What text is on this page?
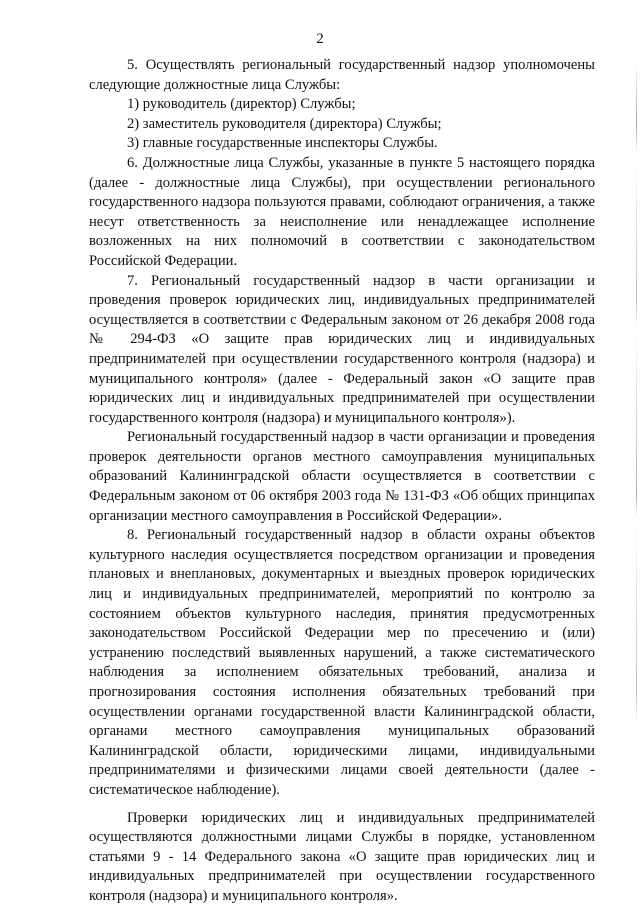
2

5. Осуществлять региональный государственный надзор уполномочены следующие должностные лица Службы:

1) руководитель (директор) Службы;

2) заместитель руководителя (директора) Службы;

3) главные государственные инспекторы Службы.

6. Должностные лица Службы, указанные в пункте 5 настоящего порядка (далее - должностные лица Службы), при осуществлении регионального государственного надзора пользуются правами, соблюдают ограничения, а также несут ответственность за неисполнение или ненадлежащее исполнение возложенных на них полномочий в соответствии с законодательством Российской Федерации.

7. Региональный государственный надзор в части организации и проведения проверок юридических лиц, индивидуальных предпринимателей осуществляется в соответствии с Федеральным законом от 26 декабря 2008 года № 294-ФЗ «О защите прав юридических лиц и индивидуальных предпринимателей при осуществлении государственного контроля (надзора) и муниципального контроля» (далее - Федеральный закон «О защите прав юридических лиц и индивидуальных предпринимателей при осуществлении государственного контроля (надзора) и муниципального контроля»).

Региональный государственный надзор в части организации и проведения проверок деятельности органов местного самоуправления муниципальных образований Калининградской области осуществляется в соответствии с Федеральным законом от 06 октября 2003 года № 131-ФЗ «Об общих принципах организации местного самоуправления в Российской Федерации».

8. Региональный государственный надзор в области охраны объектов культурного наследия осуществляется посредством организации и проведения плановых и внеплановых, документарных и выездных проверок юридических лиц и индивидуальных предпринимателей, мероприятий по контролю за состоянием объектов культурного наследия, принятия предусмотренных законодательством Российской Федерации мер по пресечению и (или) устранению последствий выявленных нарушений, а также систематического наблюдения за исполнением обязательных требований, анализа и прогнозирования состояния исполнения обязательных требований при осуществлении органами государственной власти Калининградской области, органами местного самоуправления муниципальных образований Калининградской области, юридическими лицами, индивидуальными предпринимателями и физическими лицами своей деятельности (далее - систематическое наблюдение).

Проверки юридических лиц и индивидуальных предпринимателей осуществляются должностными лицами Службы в порядке, установленном статьями 9 - 14 Федерального закона «О защите прав юридических лиц и индивидуальных предпринимателей при осуществлении государственного контроля (надзора) и муниципального контроля».
